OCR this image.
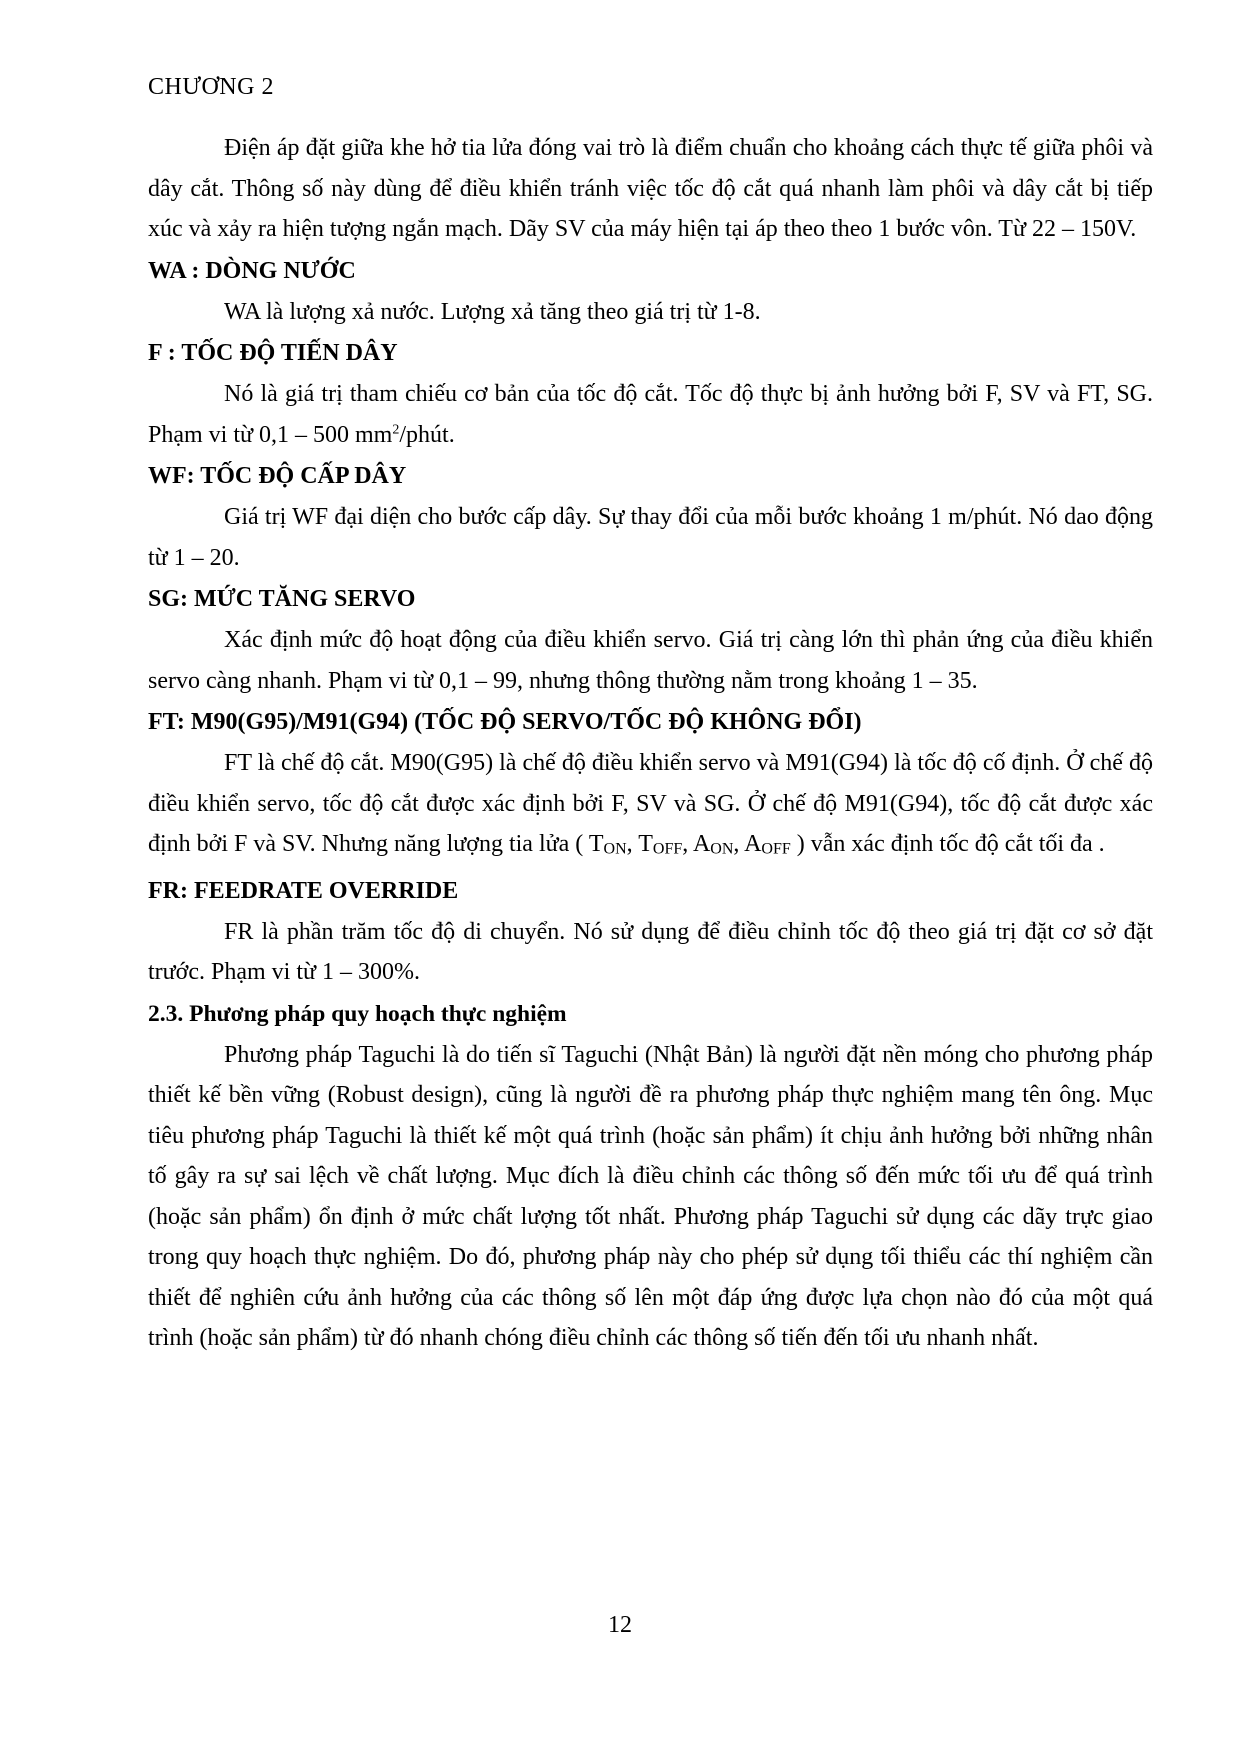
CHƯƠNG 2

Điện áp đặt giữa khe hở tia lửa đóng vai trò là điểm chuẩn cho khoảng cách thực tế giữa phôi và dây cắt. Thông số này dùng để điều khiển tránh việc tốc độ cắt quá nhanh làm phôi và dây cắt bị tiếp xúc và xảy ra hiện tượng ngắn mạch. Dãy SV của máy hiện tại áp theo theo 1 bước vôn. Từ 22 – 150V.

WA : DÒNG NƯỚC

WA là lượng xả nước. Lượng xả tăng theo giá trị từ 1-8.

F : TỐC ĐỘ TIẾN DÂY

Nó là giá trị tham chiếu cơ bản của tốc độ cắt. Tốc độ thực bị ảnh hưởng bởi F, SV và FT, SG. Phạm vi từ 0,1 – 500 $mm^2$/phút.

WF: TỐC ĐỘ CẤP DÂY

Giá trị WF đại diện cho bước cấp dây. Sự thay đổi của mỗi bước khoảng 1 m/phút. Nó dao động từ 1 – 20.

SG: MỨC TĂNG SERVO

Xác định mức độ hoạt động của điều khiển servo. Giá trị càng lớn thì phản ứng của điều khiển servo càng nhanh. Phạm vi từ 0,1 – 99, nhưng thông thường nằm trong khoảng 1 – 35.

FT: M90(G95)/M91(G94) (TỐC ĐỘ SERVO/TỐC ĐỘ KHÔNG ĐỔI)

FT là chế độ cắt. M90(G95) là chế độ điều khiển servo và M91(G94) là tốc độ cố định. Ở chế độ điều khiển servo, tốc độ cắt được xác định bởi F, SV và SG. Ở chế độ M91(G94), tốc độ cắt được xác định bởi F và SV. Nhưng năng lượng tia lửa ( TON, TOFF, AON, AOFF ) vẫn xác định tốc độ cắt tối đa .

FR: FEEDRATE OVERRIDE

FR là phần trăm tốc độ di chuyển. Nó sử dụng để điều chỉnh tốc độ theo giá trị đặt cơ sở đặt trước. Phạm vi từ 1 – 300%.

2.3. Phương pháp quy hoạch thực nghiệm

Phương pháp Taguchi là do tiến sĩ Taguchi (Nhật Bản) là người đặt nền móng cho phương pháp thiết kế bền vững (Robust design), cũng là người đề ra phương pháp thực nghiệm mang tên ông. Mục tiêu phương pháp Taguchi là thiết kế một quá trình (hoặc sản phẩm) ít chịu ảnh hưởng bởi những nhân tố gây ra sự sai lệch về chất lượng. Mục đích là điều chỉnh các thông số đến mức tối ưu để quá trình (hoặc sản phẩm) ổn định ở mức chất lượng tốt nhất. Phương pháp Taguchi sử dụng các dãy trực giao trong quy hoạch thực nghiệm. Do đó, phương pháp này cho phép sử dụng tối thiểu các thí nghiệm cần thiết để nghiên cứu ảnh hưởng của các thông số lên một đáp ứng được lựa chọn nào đó của một quá trình (hoặc sản phẩm) từ đó nhanh chóng điều chỉnh các thông số tiến đến tối ưu nhanh nhất.

12
